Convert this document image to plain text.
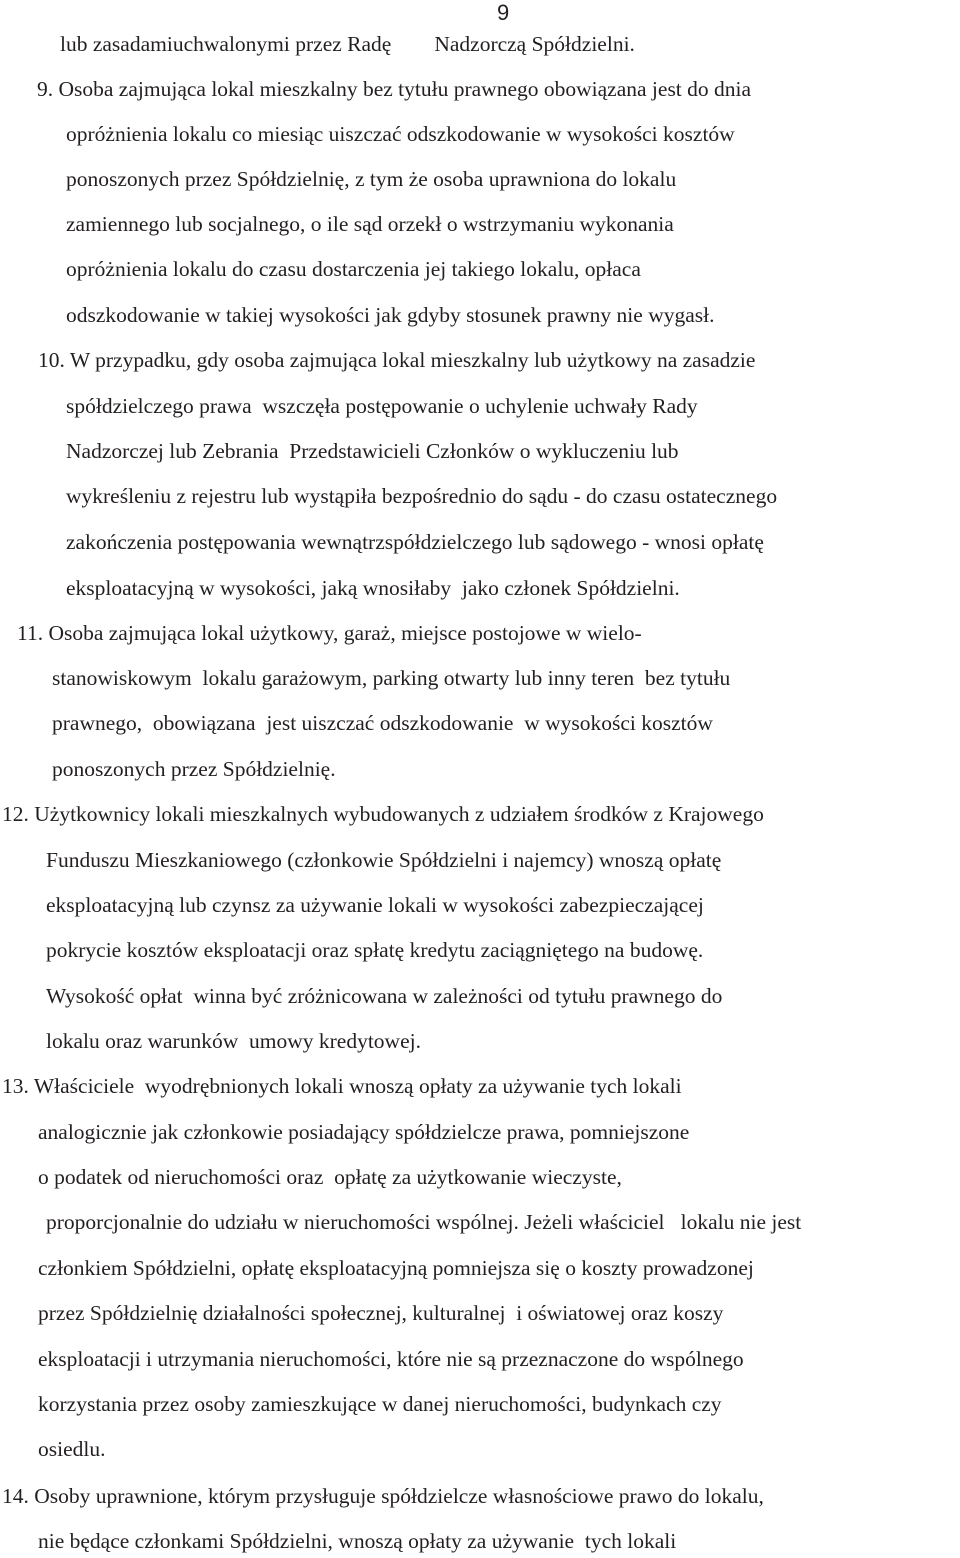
9
lub zasadamiuchwalonymi przez Radę        Nadzorczą Spółdzielni.
9. Osoba zajmująca lokal mieszkalny bez tytułu prawnego obowiązana jest do dnia
opróżnienia lokalu co miesiąc uiszczać odszkodowanie w wysokości kosztów
ponoszonych przez Spółdzielnię, z tym że osoba uprawniona do lokalu
zamiennego lub socjalnego, o ile sąd orzekł o wstrzymaniu wykonania
opróżnienia lokalu do czasu dostarczenia jej takiego lokalu, opłaca
odszkodowanie w takiej wysokości jak gdyby stosunek prawny nie wygasł.
10. W przypadku, gdy osoba zajmująca lokal mieszkalny lub użytkowy na zasadzie
spółdzielczego prawa  wszczęła postępowanie o uchylenie uchwały Rady
Nadzorczej lub Zebrania  Przedstawicieli Członków o wykluczeniu lub
wykreśleniu z rejestru lub wystąpiła bezpośrednio do sądu - do czasu ostatecznego
zakończenia postępowania wewnątrzspółdzielczego lub sądowego - wnosi opłatę
eksploatacyjną w wysokości, jaką wnosiłaby  jako członek Spółdzielni.
11. Osoba zajmująca lokal użytkowy, garaż, miejsce postojowe w wielo-
stanowiskowym  lokalu garażowym, parking otwarty lub inny teren  bez tytułu
prawnego,  obowiązana  jest uiszczać odszkodowanie  w wysokości kosztów
ponoszonych przez Spółdzielnię.
12. Użytkownicy lokali mieszkalnych wybudowanych z udziałem środków z Krajowego
Funduszu Mieszkaniowego (członkowie Spółdzielni i najemcy) wnoszą opłatę
eksploatacyjną lub czynsz za używanie lokali w wysokości zabezpieczającej
pokrycie kosztów eksploatacji oraz spłatę kredytu zaciągniętego na budowę.
Wysokość opłat  winna być zróżnicowana w zależności od tytułu prawnego do
lokalu oraz warunków  umowy kredytowej.
13. Właściciele  wyodrębnionych lokali wnoszą opłaty za używanie tych lokali
analogicznie jak członkowie posiadający spółdzielcze prawa, pomniejszone
o podatek od nieruchomości oraz  opłatę za użytkowanie wieczyste,
proporcjonalnie do udziału w nieruchomości wspólnej. Jeżeli właściciel   lokalu nie jest
członkiem Spółdzielni, opłatę eksploatacyjną pomniejsza się o koszty prowadzonej
przez Spółdzielnię działalności społecznej, kulturalnej  i oświatowej oraz koszy
eksploatacji i utrzymania nieruchomości, które nie są przeznaczone do wspólnego
korzystania przez osoby zamieszkujące w danej nieruchomości, budynkach czy
osiedlu.
14. Osoby uprawnione, którym przysługuje spółdzielcze własnościowe prawo do lokalu,
nie będące członkami Spółdzielni, wnoszą opłaty za używanie  tych lokali
